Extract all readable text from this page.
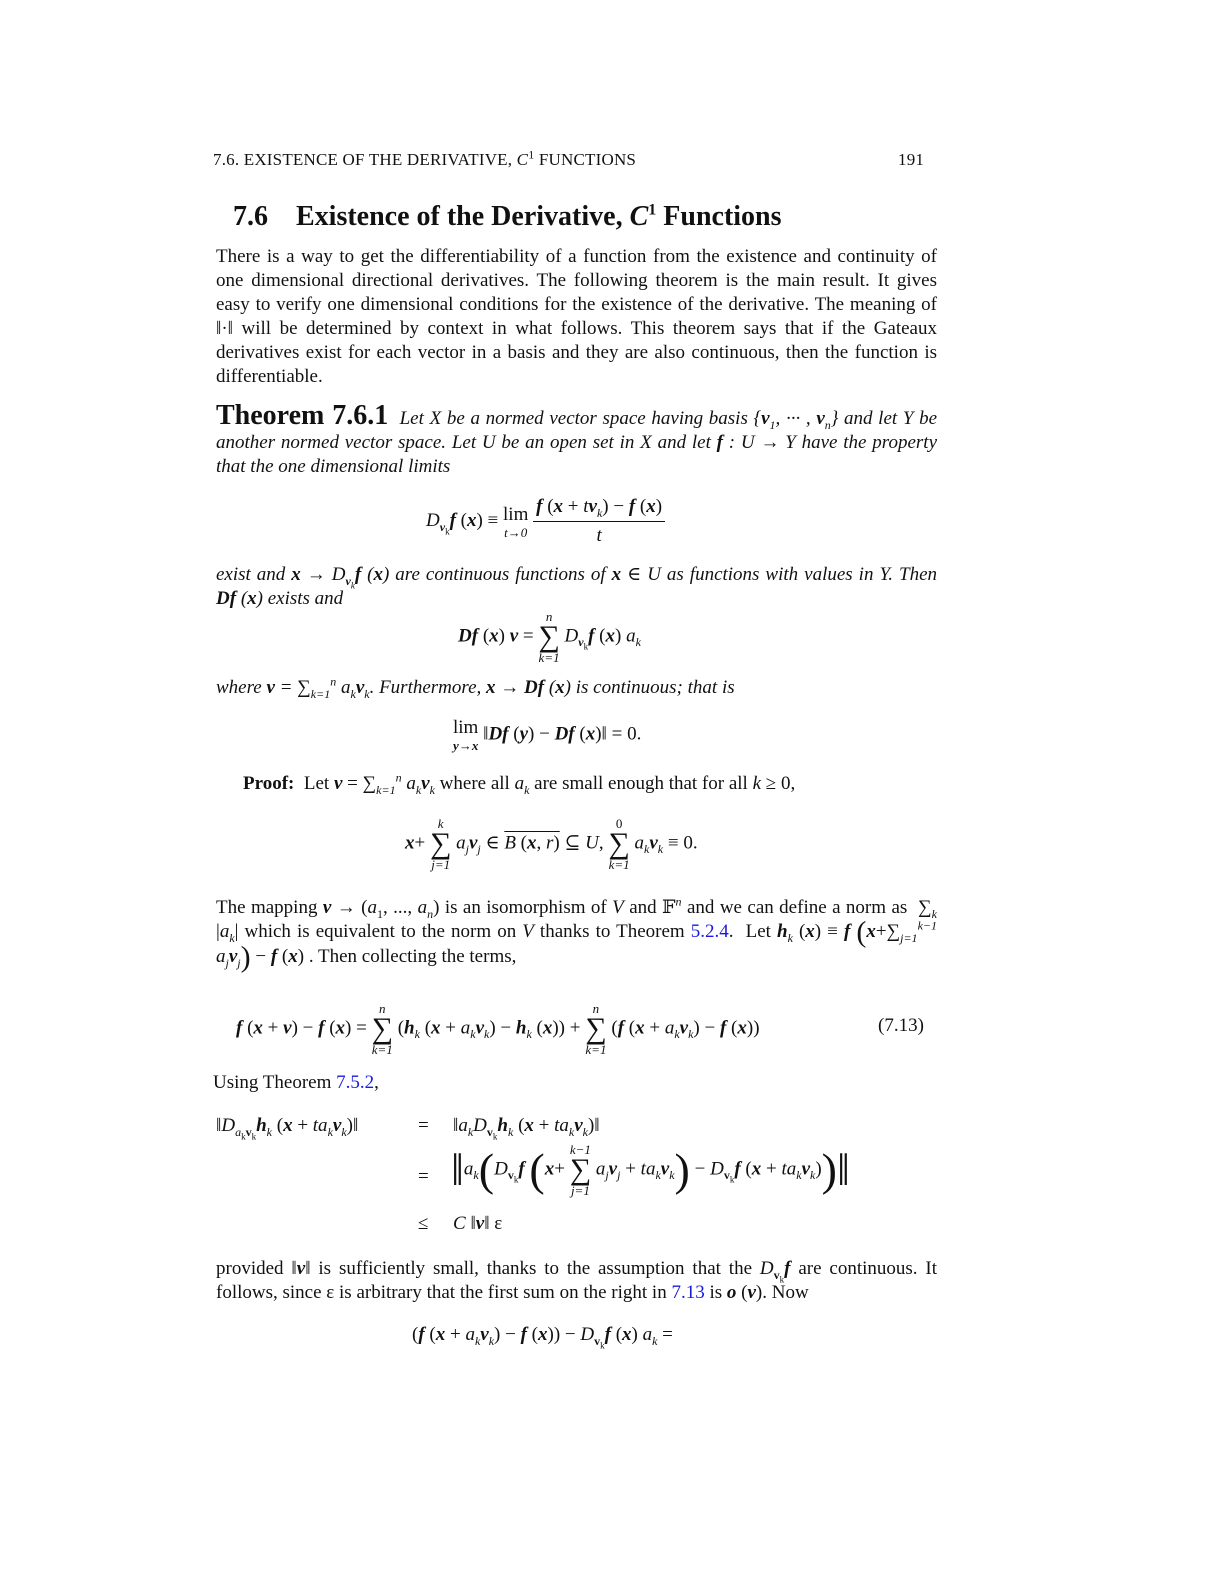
7.6. EXISTENCE OF THE DERIVATIVE, $C^1$ FUNCTIONS	191
7.6    Existence of the Derivative, $C^1$ Functions

There is a way to get the differentiability of a function from the existence and continuity of one dimensional directional derivatives. The following theorem is the main result. It gives easy to verify one dimensional conditions for the existence of the derivative. The meaning of ‖·‖ will be determined by context in what follows. This theorem says that if the Gateaux derivatives exist for each vector in a basis and they are also continuous, then the function is differentiable.

Theorem 7.6.1  Let X be a normed vector space having basis {$v_1$, ··· , $v_n$} and let Y be another normed vector space. Let U be an open set in X and let f : U → Y have the property that the one dimensional limits

$D_{v_k}f$ (x) ≡ lim
t→0
$\frac{f (x + tv_k) - f (x)}{t}$

exist and $x \to D_{v_k}f$ (x) are continuous functions of x ∈ U as functions with values in Y. Then Df (x) exists and

Df (x) v =
n
∑
k=1
$D_{v_k}f$ (x) $a_k$

where $v = \sum_{k=1}^n$ $a_kv_k$. Furthermore, x → Df (x) is continuous; that is

lim
y→x
‖Df (y) − Df (x)‖ = 0.
Proof:  Let $v = \sum_{k=1}^n$ $a_kv_k$ where all $a_k$ are small enough that for all k ≥ 0,
x+
k
∑
j=1
$a_jv_j$ ∈ B (x, r) ⊆ U,
0
∑
k=1
$a_kv_k \equiv 0$.

The mapping $v \to (a_1$, ..., $a_n$) is an isomorphism of V and 𝔽$^n$ and we can define a norm as  $\sum_k$ $|a_k|$ which is equivalent to the norm on V thanks to Theorem 5.2.4.  Let $h_k$ (x) ≡ f ($x+\sum_{j=1}^{k-1}$ $a_jv_j) - f$ (x) . Then collecting the terms,

f (x + v) − f (x) =
n
∑
k=1
($h_k$ $(x + a_kv_k) - h_k$ (x)) +
n
∑
k=1
(f $(x + a_kv_k) - f$ (x))	(7.13)
Using Theorem 7.5.2,
$‖D_{a_kv_k}h_k$ $(x + ta_kv_k)‖$	= $‖a_kD_{v_k}h_k$ $(x + ta_kv_k)‖$
= $‖a_k(D_{v_k}f$ (x+
k−1
∑
j=1
$a_jv_j + ta_kv_k) - D_{v_k}f$ $(x + ta_kv_k))‖$
≤ C ‖v‖ ε

provided ‖v‖ is sufficiently small, thanks to the assumption that the $D_{v_k}f$ are continuous. It follows, since ε is arbitrary that the first sum on the right in 7.13 is o (v). Now

(f $(x + a_kv_k) - f$ $(x)) - D_{v_k}f$ (x) $a_k$ =
